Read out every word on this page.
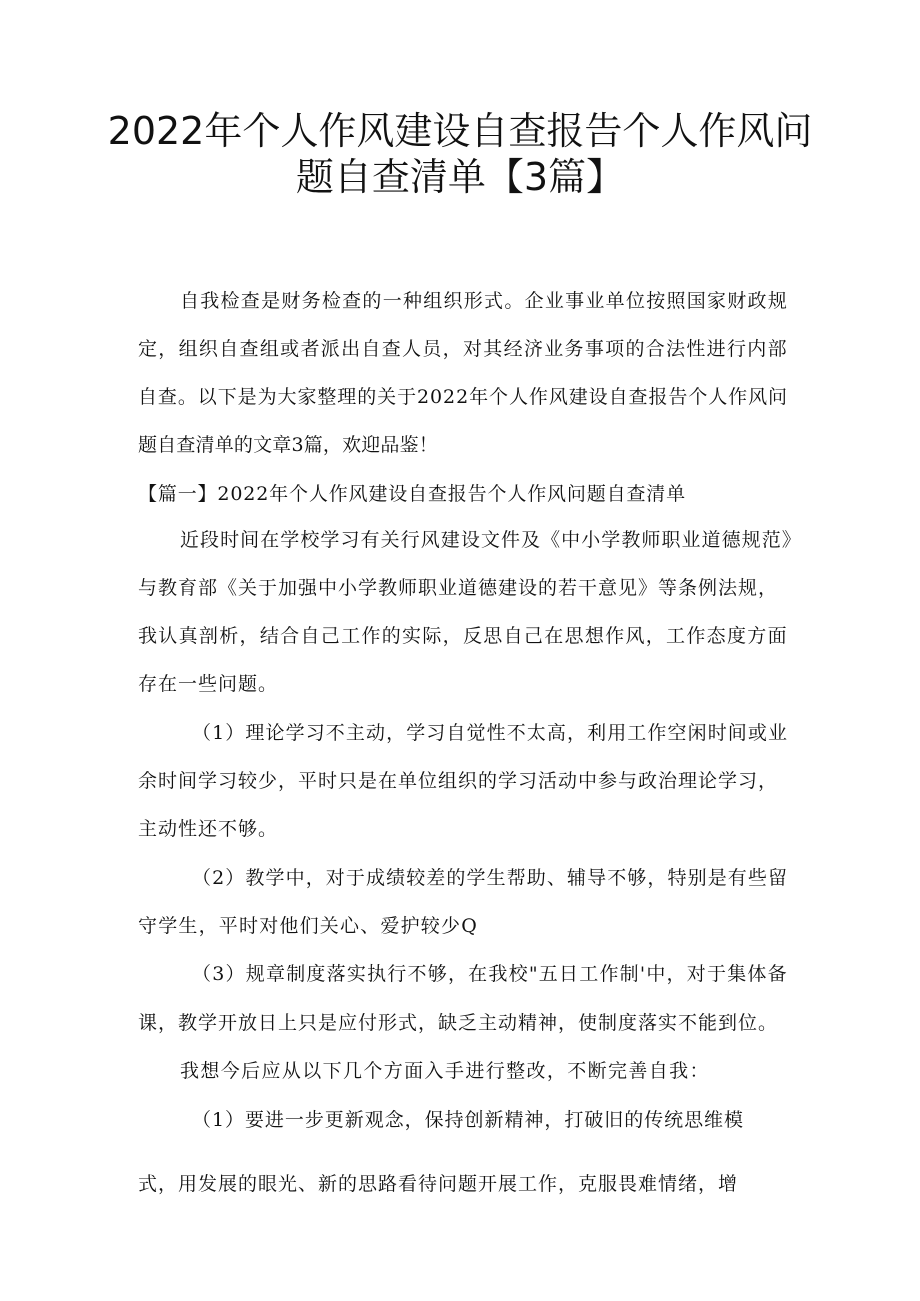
2022年个人作风建设自查报告个人作风问
题自查清单【3篇】

自我检查是财务检查的一种组织形式。企业事业单位按照国家财政规

定，组织自查组或者派出自查人员，对其经济业务事项的合法性进行内部

自查。以下是为大家整理的关于2022年个人作风建设自查报告个人作风问

题自查清单的文章3篇，欢迎品鉴！

【篇一】2022年个人作风建设自查报告个人作风问题自查清单

近段时间在学校学习有关行风建设文件及《中小学教师职业道德规范》

与教育部《关于加强中小学教师职业道德建设的若干意见》等条例法规，

我认真剖析，结合自己工作的实际，反思自己在思想作风，工作态度方面

存在一些问题。

（1）理论学习不主动，学习自觉性不太高，利用工作空闲时间或业

余时间学习较少，平时只是在单位组织的学习活动中参与政治理论学习，

主动性还不够。

（2）教学中，对于成绩较差的学生帮助、辅导不够，特别是有些留

守学生，平时对他们关心、爱护较少Q

（3）规章制度落实执行不够，在我校"五日工作制'中，对于集体备

课，教学开放日上只是应付形式，缺乏主动精神，使制度落实不能到位。

我想今后应从以下几个方面入手进行整改，不断完善自我：

（1）要进一步更新观念，保持创新精神，打破旧的传统思维模

式，用发展的眼光、新的思路看待问题开展工作，克服畏难情绪，增
